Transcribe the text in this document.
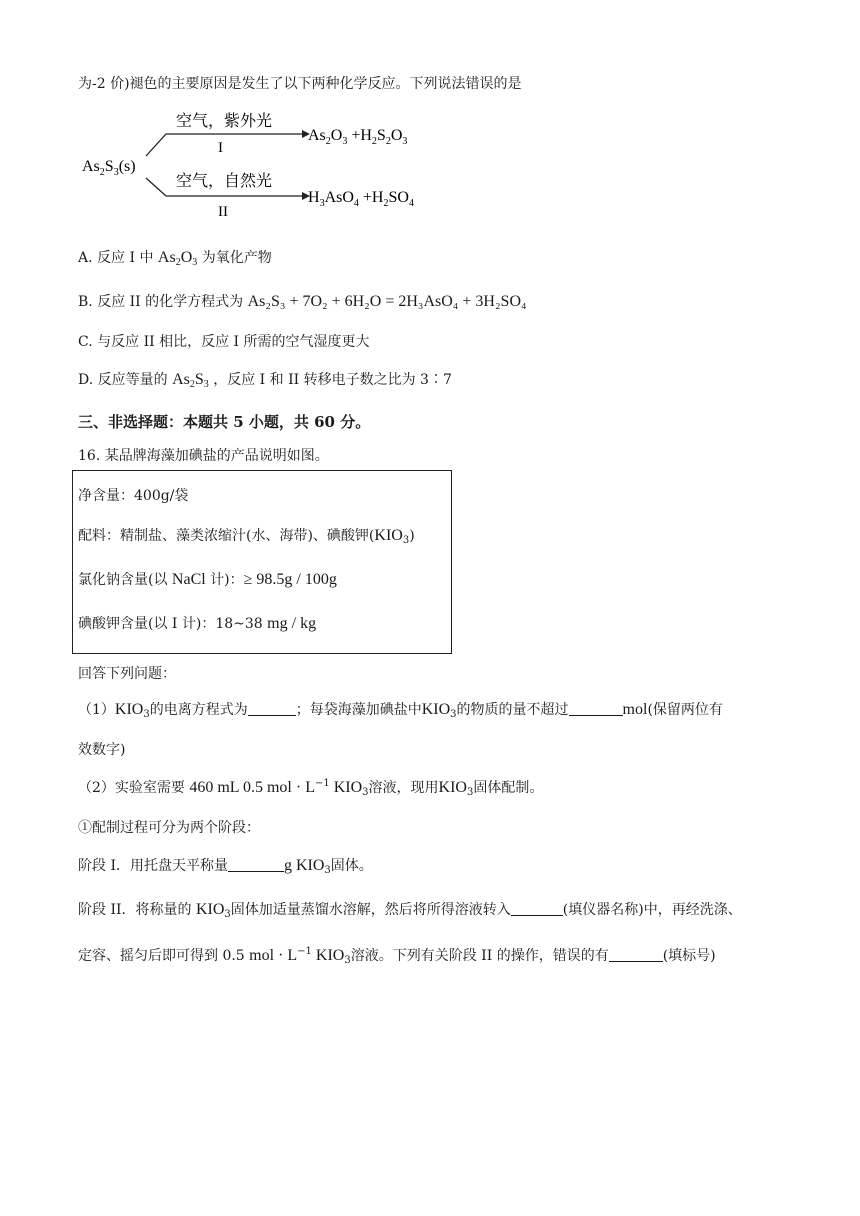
为-2 价)褪色的主要原因是发生了以下两种化学反应。下列说法错误的是
$As_2S_3(s)$
空气，紫外光
I
$As_2O_3 +H_2S_2O_3$
空气，自然光
II
$H_3AsO_4 +H_2SO_4$
A. 反应 I 中 $As_2O_3$ 为氧化产物
B. 反应 II 的化学方程式为 As₂S₃ + 7O₂ + 6H₂O = 2H₃AsO₄ + 3H₂SO₄
C. 与反应 II 相比，反应 I 所需的空气湿度更大
D. 反应等量的 $As_2S_3$ ，反应 I 和 II 转移电子数之比为 3∶7
三、非选择题：本题共 5 小题，共 60 分。
16. 某品牌海藻加碘盐的产品说明如图。
净含量：400g/袋
配料：精制盐、藻类浓缩汁(水、海带)、碘酸钾$(KIO_3)$
氯化钠含量(以 NaCl 计)：≥ 98.5g / 100g
碘酸钾含量(以 I 计)：18~38 mg / kg
回答下列问题：
$(1)KIO_3$的电离方程式为	；每袋海藻加碘盐中$KIO_3$的物质的量不超过	mol(保留两位有
效数字)
（2）实验室需要 460 mL 0.5 mol · $L^{-1}$ $KIO_3$溶液，现用$KIO_3$固体配制。
①配制过程可分为两个阶段：
阶段 I．用托盘天平称量	g $KIO_3$固体。
阶段 II．将称量的 $KIO_3$固体加适量蒸馏水溶解，然后将所得溶液转入	(填仪器名称)中，再经洗涤、
定容、摇匀后即可得到 0.5 mol · $L^{-1}$ $KIO_3$溶液。下列有关阶段 II 的操作，错误的有	(填标号)
